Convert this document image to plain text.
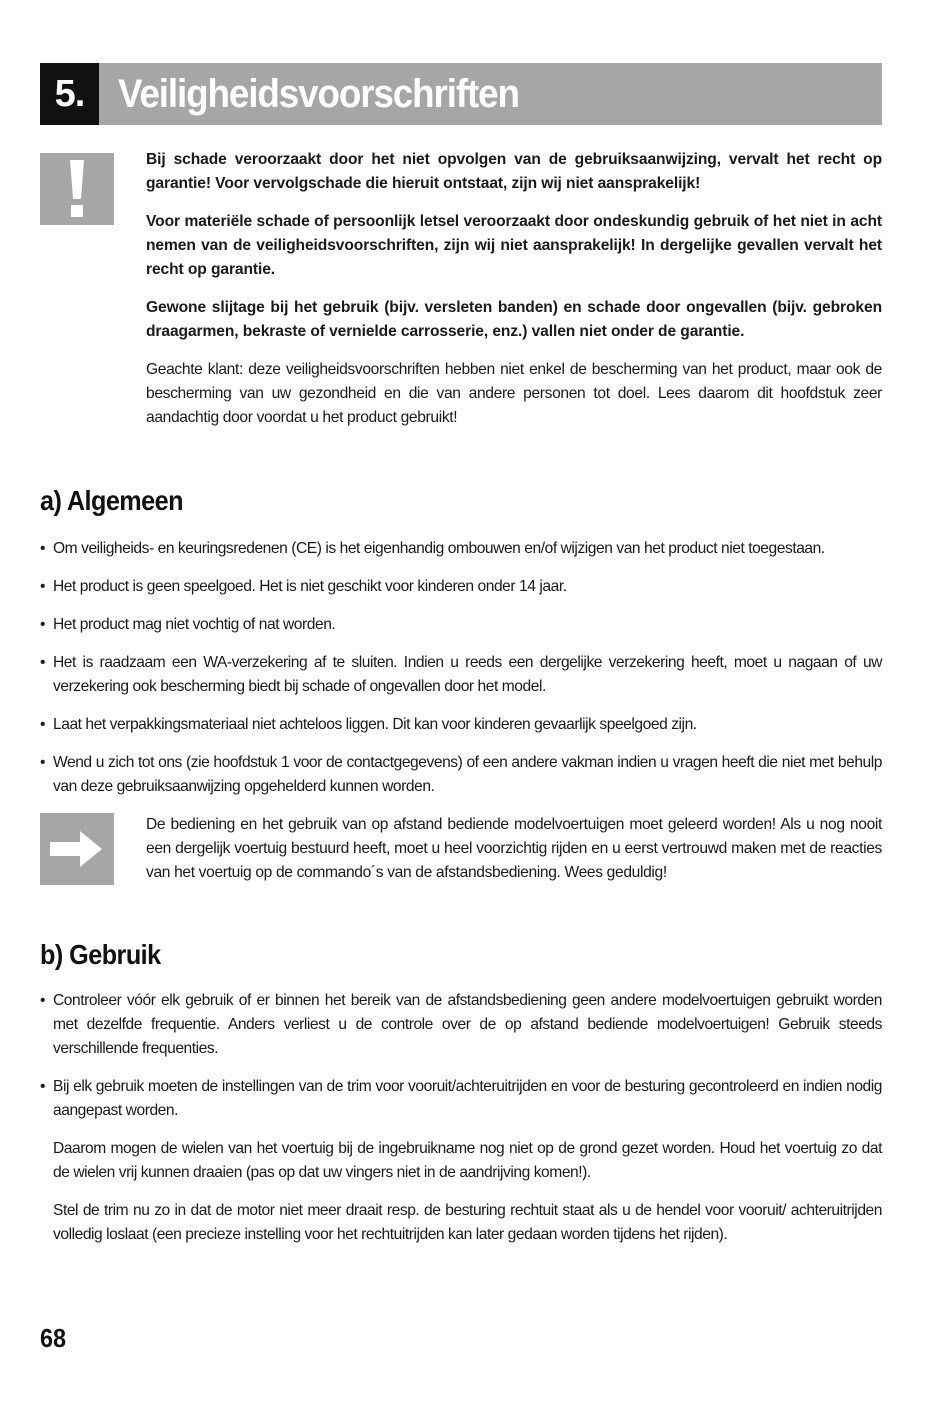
5. Veiligheidsvoorschriften

Bij schade veroorzaakt door het niet opvolgen van de gebruiksaanwijzing, vervalt het recht op garantie! Voor vervolgschade die hieruit ontstaat, zijn wij niet aansprakelijk!

Voor materiële schade of persoonlijk letsel veroorzaakt door ondeskundig gebruik of het niet in acht nemen van de veiligheidsvoorschriften, zijn wij niet aansprakelijk! In dergelijke gevallen vervalt het recht op garantie.

Gewone slijtage bij het gebruik (bijv. versleten banden) en schade door ongevallen (bijv. gebroken draagarmen, bekraste of vernielde carrosserie, enz.) vallen niet onder de garantie.

Geachte klant: deze veiligheidsvoorschriften hebben niet enkel de bescherming van het product, maar ook de bescherming van uw gezondheid en die van andere personen tot doel. Lees daarom dit hoofdstuk zeer aandachtig door voordat u het product gebruikt!

a) Algemeen
• Om veiligheids- en keuringsredenen (CE) is het eigenhandig ombouwen en/of wijzigen van het product niet toegestaan.
• Het product is geen speelgoed. Het is niet geschikt voor kinderen onder 14 jaar.
• Het product mag niet vochtig of nat worden.
• Het is raadzaam een WA-verzekering af te sluiten. Indien u reeds een dergelijke verzekering heeft, moet u nagaan of uw verzekering ook bescherming biedt bij schade of ongevallen door het model.
• Laat het verpakkingsmateriaal niet achteloos liggen. Dit kan voor kinderen gevaarlijk speelgoed zijn.
• Wend u zich tot ons (zie hoofdstuk 1 voor de contactgegevens) of een andere vakman indien u vragen heeft die niet met behulp van deze gebruiksaanwijzing opgehelderd kunnen worden.

De bediening en het gebruik van op afstand bediende modelvoertuigen moet geleerd worden! Als u nog nooit een dergelijk voertuig bestuurd heeft, moet u heel voorzichtig rijden en u eerst vertrouwd maken met de reacties van het voertuig op de commando´s van de afstandsbediening. Wees geduldig!

b) Gebruik
• Controleer vóór elk gebruik of er binnen het bereik van de afstandsbediening geen andere modelvoertuigen gebruikt worden met dezelfde frequentie. Anders verliest u de controle over de op afstand bediende modelvoertuigen! Gebruik steeds verschillende frequenties.
• Bij elk gebruik moeten de instellingen van de trim voor vooruit/achteruitrijden en voor de besturing gecontroleerd en indien nodig aangepast worden.
Daarom mogen de wielen van het voertuig bij de ingebruikname nog niet op de grond gezet worden. Houd het voertuig zo dat de wielen vrij kunnen draaien (pas op dat uw vingers niet in de aandrijving komen!).
Stel de trim nu zo in dat de motor niet meer draait resp. de besturing rechtuit staat als u de hendel voor vooruit/ achteruitrijden volledig loslaat (een precieze instelling voor het rechtuitrijden kan later gedaan worden tijdens het rijden).
68
